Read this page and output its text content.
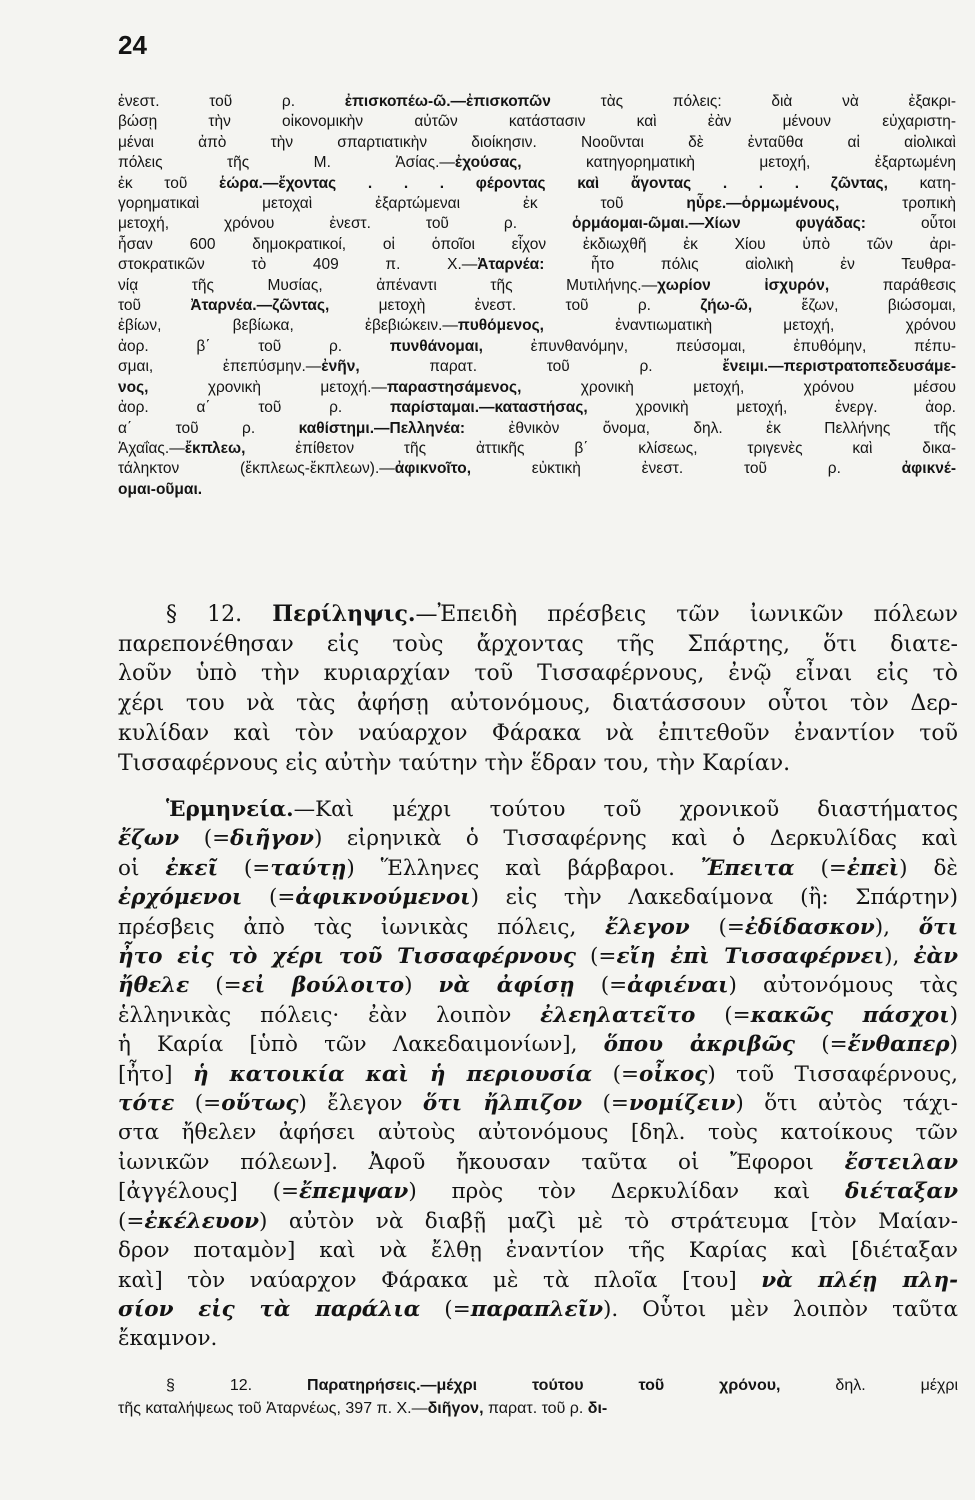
24
ἐνεστ. τοῦ ρ. ἐπισκοπέω-ῶ.—ἐπισκοπῶν τὰς πόλεις: διὰ νὰ ἐξακρι-
βώσῃ τὴν οἰκονομικὴν αὐτῶν κατάστασιν καὶ ἐὰν μένουν εὐχαριστη-
μέναι ἀπὸ τὴν σπαρτιατικὴν διοίκησιν. Νοοῦνται δὲ ἐνταῦθα αἱ αἰολικαὶ
πόλεις τῆς Μ. Ἀσίας.—ἐχούσας, κατηγορηματικὴ μετοχή, ἐξαρτωμένη
ἐκ τοῦ ἑώρα.—ἔχοντας . . . φέροντας καὶ ἄγοντας . . . ζῶντας, κατη-
γορηματικαὶ μετοχαὶ ἐξαρτώμεναι ἐκ τοῦ ηὗρε.—ὁρμωμένους, τροπικὴ
μετοχή, χρόνου ἐνεστ. τοῦ ρ. ὁρμάομαι-ῶμαι.—Χίων φυγάδας: οὗτοι
ἦσαν 600 δημοκρατικοί, οἱ ὁποῖοι εἶχον ἐκδιωχθῆ ἐκ Χίου ὑπὸ τῶν ἀρι-
στοκρατικῶν τὸ 409 π. Χ.—Ἀταρνέα: ἦτο πόλις αἰολικὴ ἐν Τευθρα-
νίᾳ τῆς Μυσίας, ἀπέναντι τῆς Μυτιλήνης.—χωρίον ἰσχυρόν, παράθεσις
τοῦ Ἀταρνέα.—ζῶντας, μετοχὴ ἐνεστ. τοῦ ρ. ζήω-ῶ, ἔζων, βιώσομαι,
ἐβίων, βεβίωκα, ἐβεβιώκειν.—πυθόμενος, ἐναντιωματικὴ μετοχή, χρόνου
ἀορ. β΄ τοῦ ρ. πυνθάνομαι, ἐπυνθανόμην, πεύσομαι, ἐπυθόμην, πέπυ-
σμαι, ἐπεπύσμην.—ἐνῆν, παρατ. τοῦ ρ. ἔνειμι.—περιστρατοπεδευσάμε-
νος, χρονικὴ μετοχή.—παραστησάμενος, χρονικὴ μετοχή, χρόνου μέσου
ἀορ. α΄ τοῦ ρ. παρίσταμαι.—καταστήσας, χρονικὴ μετοχή, ἐνεργ. ἀορ.
α΄ τοῦ ρ. καθίστημι.—Πελληνέα: ἐθνικὸν ὄνομα, δηλ. ἐκ Πελλήνης τῆς
Ἀχαΐας.—ἔκπλεω, ἐπίθετον τῆς ἀττικῆς β΄ κλίσεως, τριγενὲς καὶ δικα-
τάληκτον (ἔκπλεως-ἔκπλεων).—ἀφικνοῖτο, εὐκτικὴ ἐνεστ. τοῦ ρ. ἀφικνέ-
ομαι-οῦμαι.
§ 12. Περίληψις.—Ἐπειδὴ πρέσβεις τῶν ἰωνικῶν πόλεων
παρεπονέθησαν εἰς τοὺς ἄρχοντας τῆς Σπάρτης, ὅτι διατε-
λοῦν ὑπὸ τὴν κυριαρχίαν τοῦ Τισσαφέρνους, ἐνῷ εἶναι εἰς τὸ
χέρι του νὰ τὰς ἀφήσῃ αὐτονόμους, διατάσσουν οὗτοι τὸν Δερ-
κυλίδαν καὶ τὸν ναύαρχον Φάρακα νὰ ἐπιτεθοῦν ἐναντίον τοῦ
Τισσαφέρνους εἰς αὐτὴν ταύτην τὴν ἕδραν του, τὴν Καρίαν.
Ἑρμηνεία.—Καὶ μέχρι τούτου τοῦ χρονικοῦ διαστήματος
ἔζων (=διῆγον) εἰρηνικὰ ὁ Τισσαφέρνης καὶ ὁ Δερκυλίδας καὶ
οἱ ἐκεῖ (=ταύτῃ) Ἕλληνες καὶ βάρβαροι. Ἔπειτα (=ἐπεὶ) δὲ
ἐρχόμενοι (=ἀφικνούμενοι) εἰς τὴν Λακεδαίμονα (ἢ: Σπάρτην)
πρέσβεις ἀπὸ τὰς ἰωνικὰς πόλεις, ἔλεγον (=ἐδίδασκον), ὅτι
ἦτο εἰς τὸ χέρι τοῦ Τισσαφέρνους (=εἴη ἐπὶ Τισσαφέρνει), ἐὰν
ἤθελε (=εἰ βούλοιτο) νὰ ἀφίσῃ (=ἀφιέναι) αὐτονόμους τὰς
ἑλληνικὰς πόλεις· ἐὰν λοιπὸν ἐλεηλατεῖτο (=κακῶς πάσχοι)
ἡ Καρία [ὑπὸ τῶν Λακεδαιμονίων], ὅπου ἀκριβῶς (=ἔνθαπερ)
[ἦτο] ἡ κατοικία καὶ ἡ περιουσία (=οἶκος) τοῦ Τισσαφέρνους,
τότε (=οὕτως) ἔλεγον ὅτι ἤλπιζον (=νομίζειν) ὅτι αὐτὸς τάχι-
στα ἤθελεν ἀφήσει αὐτοὺς αὐτονόμους [δηλ. τοὺς κατοίκους τῶν
ἰωνικῶν πόλεων]. Ἀφοῦ ἤκουσαν ταῦτα οἱ Ἔφοροι ἔστειλαν
[ἀγγέλους] (=ἔπεμψαν) πρὸς τὸν Δερκυλίδαν καὶ διέταξαν
(=ἐκέλευον) αὐτὸν νὰ διαβῇ μαζὶ μὲ τὸ στράτευμα [τὸν Μαίαν-
δρον ποταμὸν] καὶ νὰ ἔλθῃ ἐναντίον τῆς Καρίας καὶ [διέταξαν
καὶ] τὸν ναύαρχον Φάρακα μὲ τὰ πλοῖα [του] νὰ πλέῃ πλη-
σίον εἰς τὰ παράλια (=παραπλεῖν). Οὗτοι μὲν λοιπὸν ταῦτα
ἔκαμνον.
§ 12. Παρατηρήσεις.—μέχρι τούτου τοῦ χρόνου, δηλ. μέχρι
τῆς καταλήψεως τοῦ Ἀταρνέως, 397 π. Χ.—διῆγον, παρατ. τοῦ ρ. δι-
